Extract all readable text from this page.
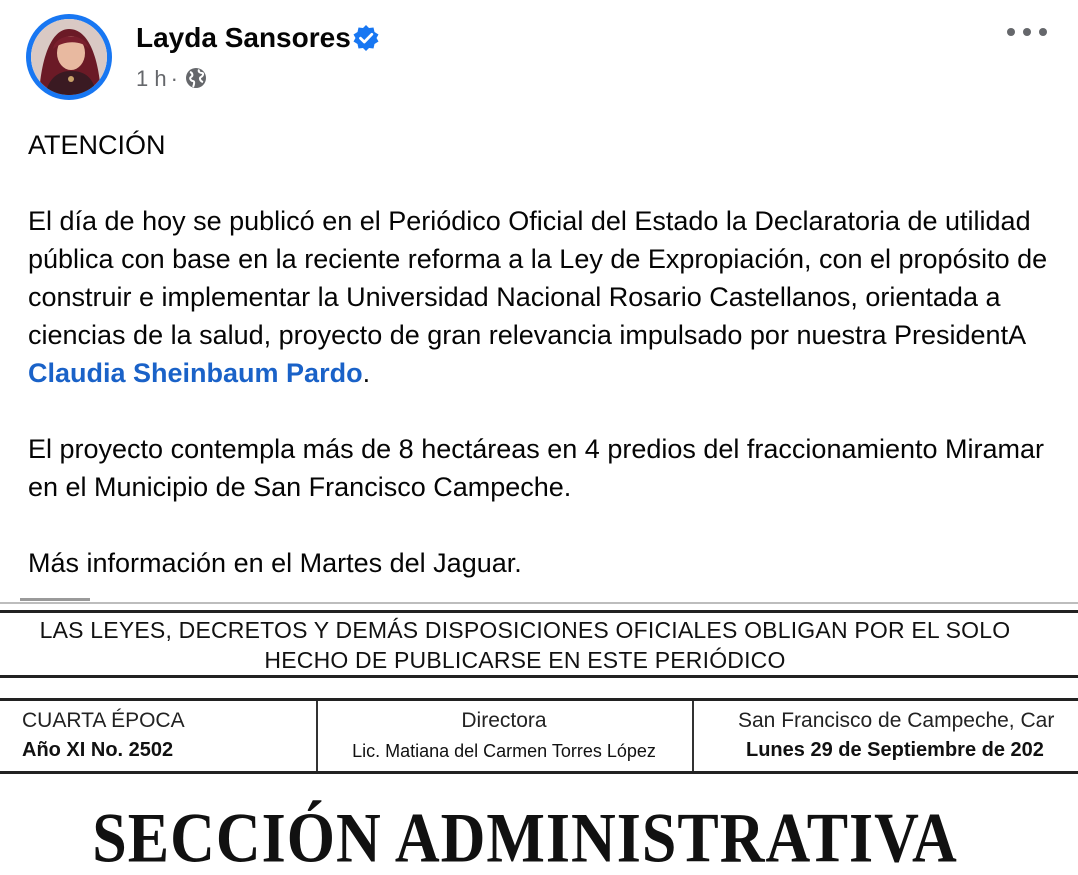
Layda Sansores
1 h ·

ATENCIÓN

El día de hoy se publicó en el Periódico Oficial del Estado la Declaratoria de utilidad pública con base en la reciente reforma a la Ley de Expropiación, con el propósito de construir e implementar la Universidad Nacional Rosario Castellanos, orientada a ciencias de la salud, proyecto de gran relevancia impulsado por nuestra PresidentA Claudia Sheinbaum Pardo.

El proyecto contempla más de 8 hectáreas en 4 predios del fraccionamiento Miramar en el Municipio de San Francisco Campeche.

Más información en el Martes del Jaguar.

LAS LEYES, DECRETOS Y DEMÁS DISPOSICIONES OFICIALES OBLIGAN POR EL SOLO
HECHO DE PUBLICARSE EN ESTE PERIÓDICO
CUARTA ÉPOCA
Año XI No. 2502
Directora
Lic. Matiana del Carmen Torres López
San Francisco de Campeche, Car
Lunes 29 de Septiembre de 202
SECCIÓN ADMINISTRATIVA
